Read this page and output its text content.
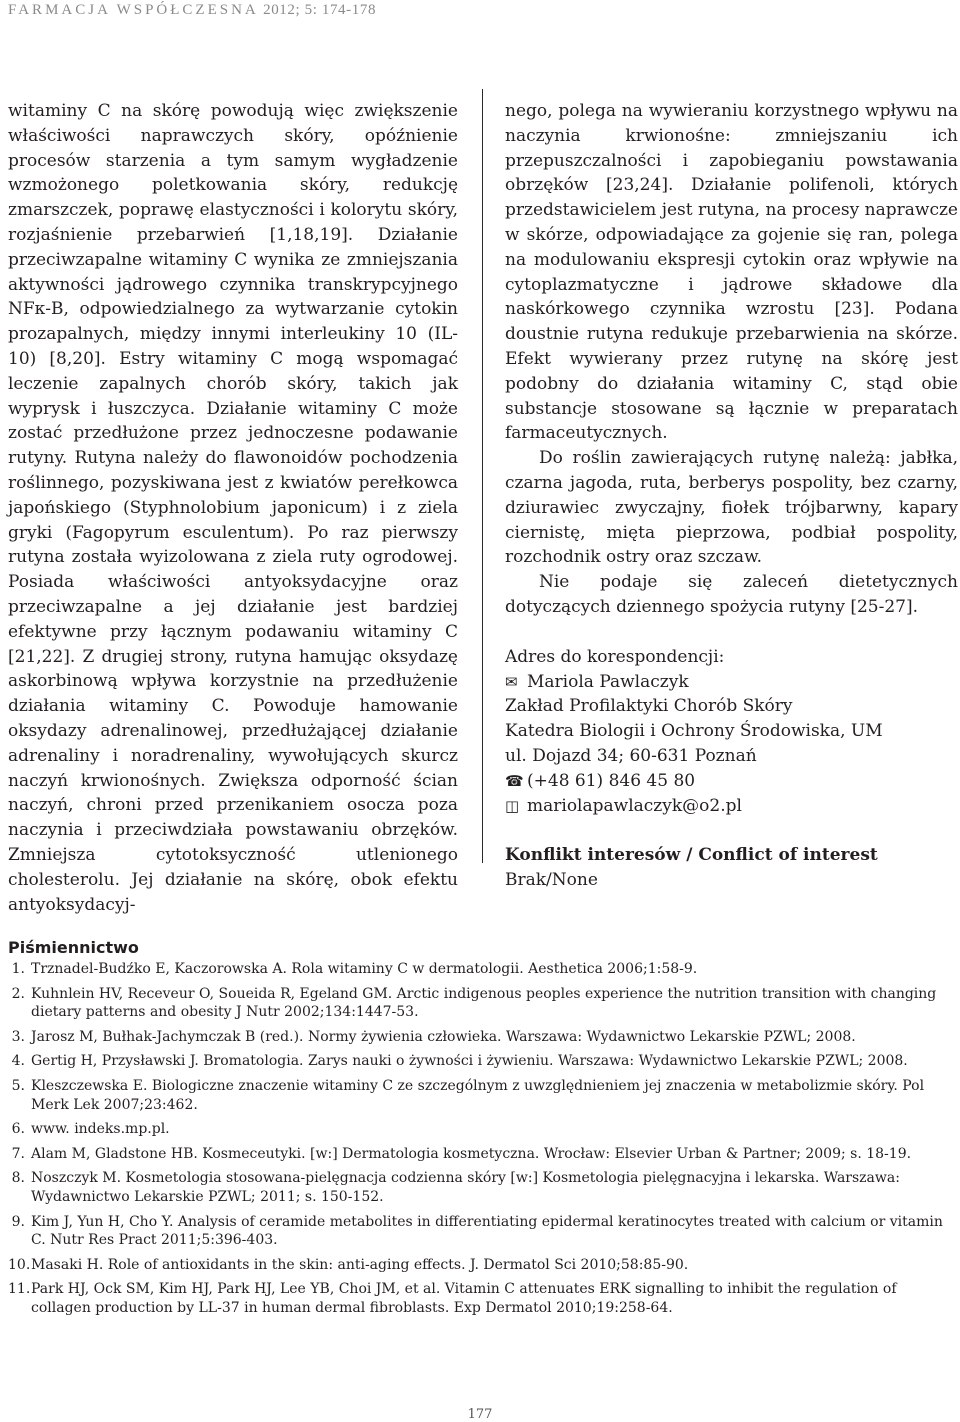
FARMACJA WSPÓŁCZESNA 2012; 5: 174-178

witaminy C na skórę powodują więc zwiększenie właściwości naprawczych skóry, opóźnienie procesów starzenia a tym samym wygładzenie wzmożonego poletkowania skóry, redukcję zmarszczek, poprawę elastyczności i kolorytu skóry, rozjaśnienie przebarwień [1,18,19]. Działanie przeciwzapalne witaminy C wynika ze zmniejszania aktywności jądrowego czynnika transkrypcyjnego NFκ-B, odpowiedzialnego za wytwarzanie cytokin prozapalnych, między innymi interleukiny 10 (IL-10) [8,20]. Estry witaminy C mogą wspomagać leczenie zapalnych chorób skóry, takich jak wyprysk i łuszczyca. Działanie witaminy C może zostać przedłużone przez jednoczesne podawanie rutyny. Rutyna należy do flawonoidów pochodzenia roślinnego, pozyskiwana jest z kwiatów perełkowca japońskiego (Styphnolobium japonicum) i z ziela gryki (Fagopyrum esculentum). Po raz pierwszy rutyna została wyizolowana z ziela ruty ogrodowej. Posiada właściwości antyoksydacyjne oraz przeciwzapalne a jej działanie jest bardziej efektywne przy łącznym podawaniu witaminy C [21,22]. Z drugiej strony, rutyna hamując oksydazę askorbinową wpływa korzystnie na przedłużenie działania witaminy C. Powoduje hamowanie oksydazy adrenalinowej, przedłużającej działanie adrenaliny i noradrenaliny, wywołujących skurcz naczyń krwionośnych. Zwiększa odporność ścian naczyń, chroni przed przenikaniem osocza poza naczynia i przeciwdziała powstawaniu obrzęków. Zmniejsza cytotoksyczność utlenionego cholesterolu. Jej działanie na skórę, obok efektu antyoksydacyj-

nego, polega na wywieraniu korzystnego wpływu na naczynia krwionośne: zmniejszaniu ich przepuszczalności i zapobieganiu powstawania obrzęków [23,24]. Działanie polifenoli, których przedstawicielem jest rutyna, na procesy naprawcze w skórze, odpowiadające za gojenie się ran, polega na modulowaniu ekspresji cytokin oraz wpływie na cytoplazmatyczne i jądrowe składowe dla naskórkowego czynnika wzrostu [23]. Podana doustnie rutyna redukuje przebarwienia na skórze. Efekt wywierany przez rutynę na skórę jest podobny do działania witaminy C, stąd obie substancje stosowane są łącznie w preparatach farmaceutycznych.

Do roślin zawierających rutynę należą: jabłka, czarna jagoda, ruta, berberys pospolity, bez czarny, dziurawiec zwyczajny, fiołek trójbarwny, kapary ciernistę, mięta pieprzowa, podbiał pospolity, rozchodnik ostry oraz szczaw.

Nie podaje się zaleceń dietetycznych dotyczących dziennego spożycia rutyny [25-27].

Adres do korespondencji:
✉ Mariola Pawlaczyk
Zakład Profilaktyki Chorób Skóry
Katedra Biologii i Ochrony Środowiska, UM
ul. Dojazd 34; 60-631 Poznań
☎ (+48 61) 846 45 80
◫ mariolapawlaczyk@o2.pl

Konflikt interesów / Conflict of interest
Brak/None
Piśmiennictwo
1. Trznadel-Budźko E, Kaczorowska A. Rola witaminy C w dermatologii. Aesthetica 2006;1:58-9.
2. Kuhnlein HV, Receveur O, Soueida R, Egeland GM. Arctic indigenous peoples experience the nutrition transition with changing dietary patterns and obesity J Nutr 2002;134:1447-53.
3. Jarosz M, Bułhak-Jachymczak B (red.). Normy żywienia człowieka. Warszawa: Wydawnictwo Lekarskie PZWL; 2008.
4. Gertig H, Przysławski J. Bromatologia. Zarys nauki o żywności i żywieniu. Warszawa: Wydawnictwo Lekarskie PZWL; 2008.
5. Kleszczewska E. Biologiczne znaczenie witaminy C ze szczególnym z uwzględnieniem jej znaczenia w metabolizmie skóry. Pol Merk Lek 2007;23:462.
6. www. indeks.mp.pl.
7. Alam M, Gladstone HB. Kosmeceutyki. [w:] Dermatologia kosmetyczna. Wrocław: Elsevier Urban & Partner; 2009; s. 18-19.
8. Noszczyk M. Kosmetologia stosowana-pielęgnacja codzienna skóry [w:] Kosmetologia pielęgnacyjna i lekarska. Warszawa: Wydawnictwo Lekarskie PZWL; 2011; s. 150-152.
9. Kim J, Yun H, Cho Y. Analysis of ceramide metabolites in differentiating epidermal keratinocytes treated with calcium or vitamin C. Nutr Res Pract 2011;5:396-403.
10. Masaki H. Role of antioxidants in the skin: anti-aging effects. J. Dermatol Sci 2010;58:85-90.
11. Park HJ, Ock SM, Kim HJ, Park HJ, Lee YB, Choi JM, et al. Vitamin C attenuates ERK signalling to inhibit the regulation of collagen production by LL-37 in human dermal fibroblasts. Exp Dermatol 2010;19:258-64.
177
